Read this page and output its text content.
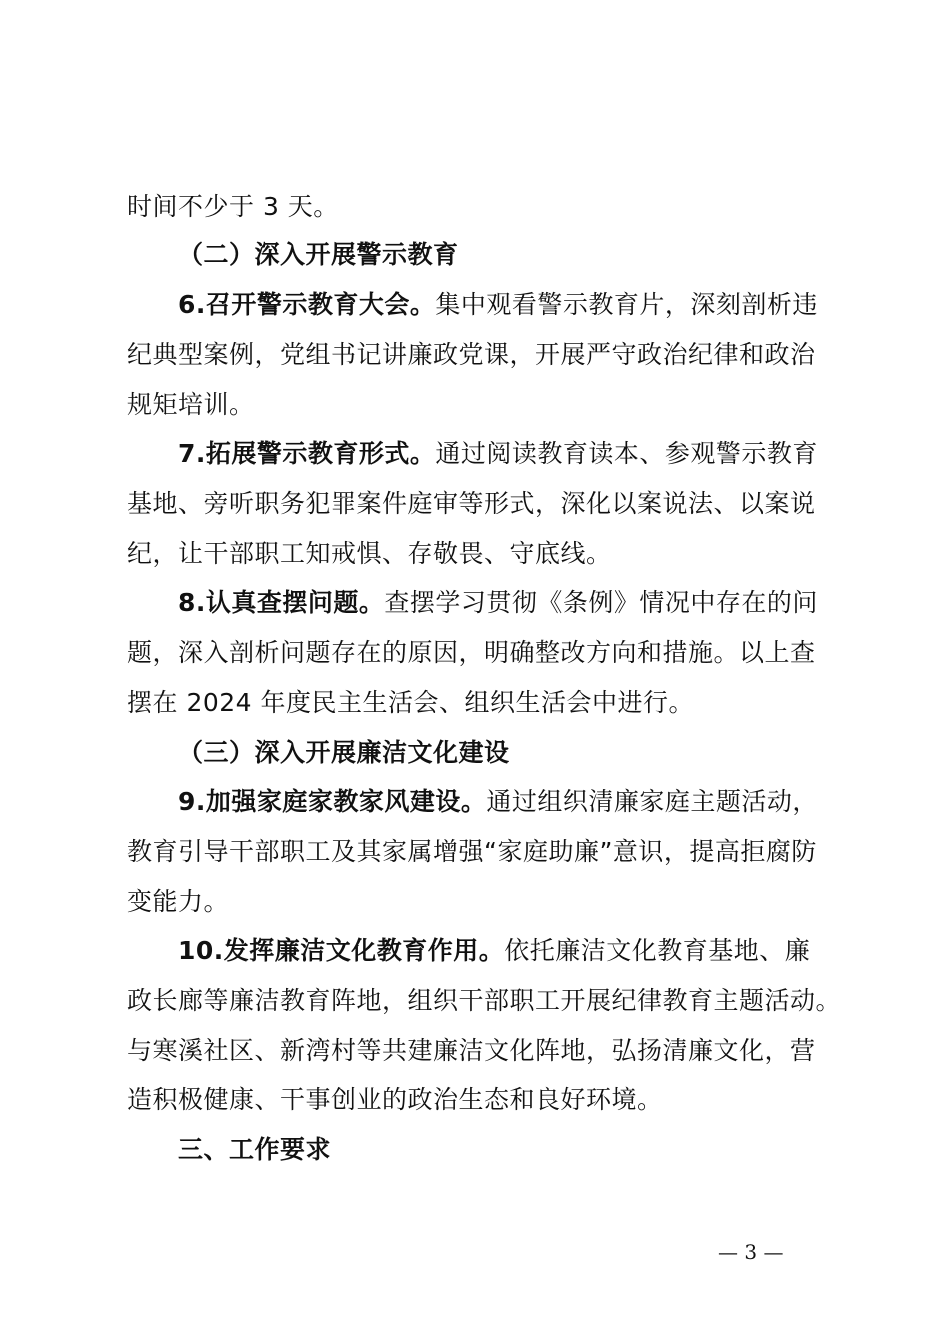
时间不少于 3 天。
（二）深入开展警示教育
6.召开警示教育大会。集中观看警示教育片，深刻剖析违
纪典型案例，党组书记讲廉政党课，开展严守政治纪律和政治
规矩培训。
7.拓展警示教育形式。通过阅读教育读本、参观警示教育
基地、旁听职务犯罪案件庭审等形式，深化以案说法、以案说
纪，让干部职工知戒惧、存敬畏、守底线。
8.认真查摆问题。查摆学习贯彻《条例》情况中存在的问
题，深入剖析问题存在的原因，明确整改方向和措施。以上查
摆在 2024 年度民主生活会、组织生活会中进行。
（三）深入开展廉洁文化建设
9.加强家庭家教家风建设。通过组织清廉家庭主题活动，
教育引导干部职工及其家属增强“家庭助廉”意识，提高拒腐防
变能力。
10.发挥廉洁文化教育作用。依托廉洁文化教育基地、廉
政长廊等廉洁教育阵地，组织干部职工开展纪律教育主题活动。
与寒溪社区、新湾村等共建廉洁文化阵地，弘扬清廉文化，营
造积极健康、干事创业的政治生态和良好环境。
三、工作要求
— 3 —
